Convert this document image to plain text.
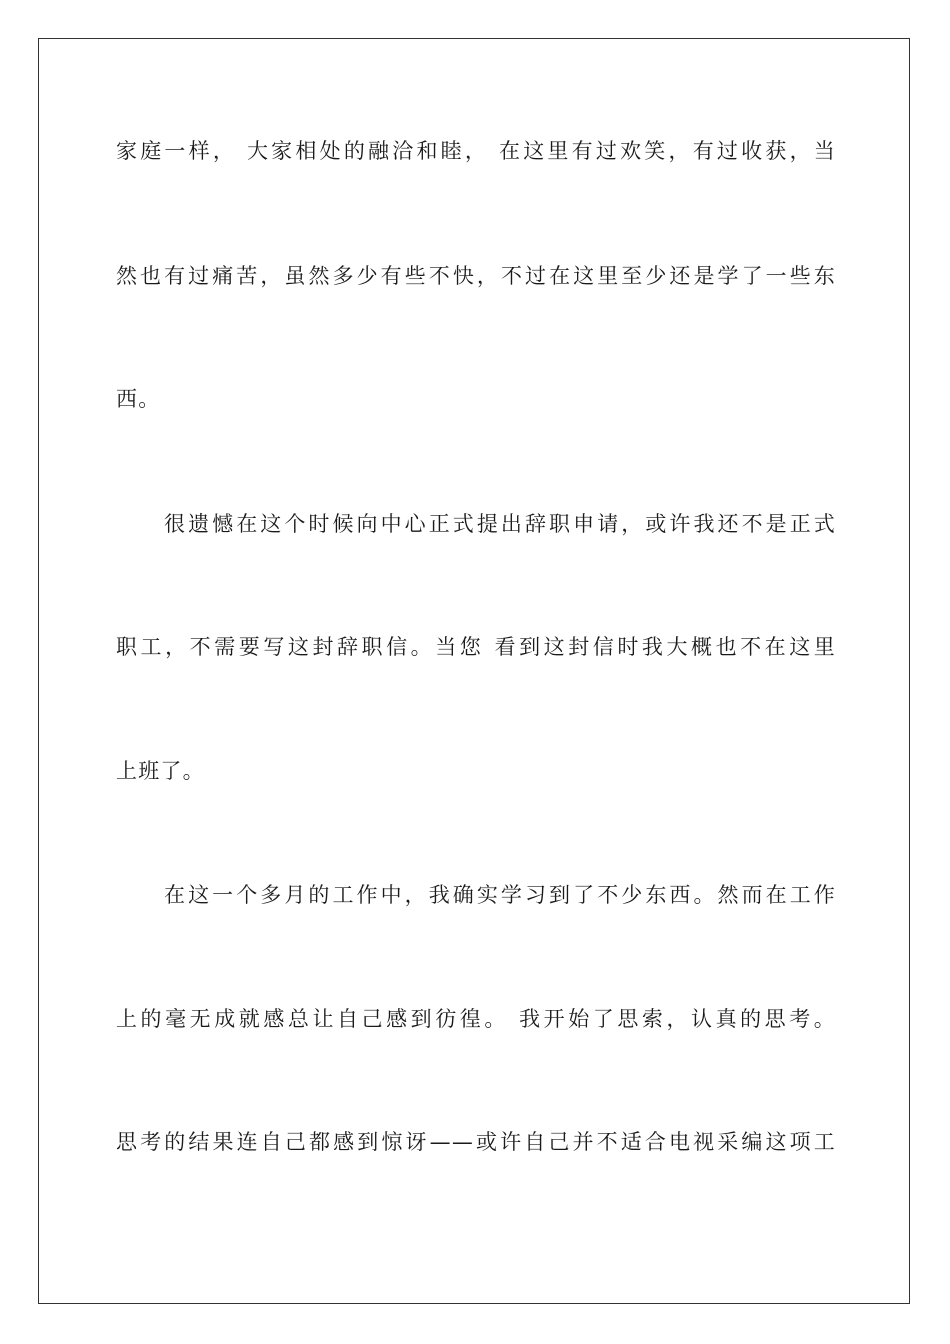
家庭一样， 大家相处的融洽和睦， 在这里有过欢笑，有过收获，当
然也有过痛苦，虽然多少有些不快，不过在这里至少还是学了一些东
西。
很遗憾在这个时候向中心正式提出辞职申请，或许我还不是正式
职工，不需要写这封辞职信。当您 看到这封信时我大概也不在这里
上班了。
在这一个多月的工作中，我确实学习到了不少东西。然而在工作
上的毫无成就感总让自己感到彷徨。 我开始了思索，认真的思考。
思考的结果连自己都感到惊讶——或许自己并不适合电视采编这项工
